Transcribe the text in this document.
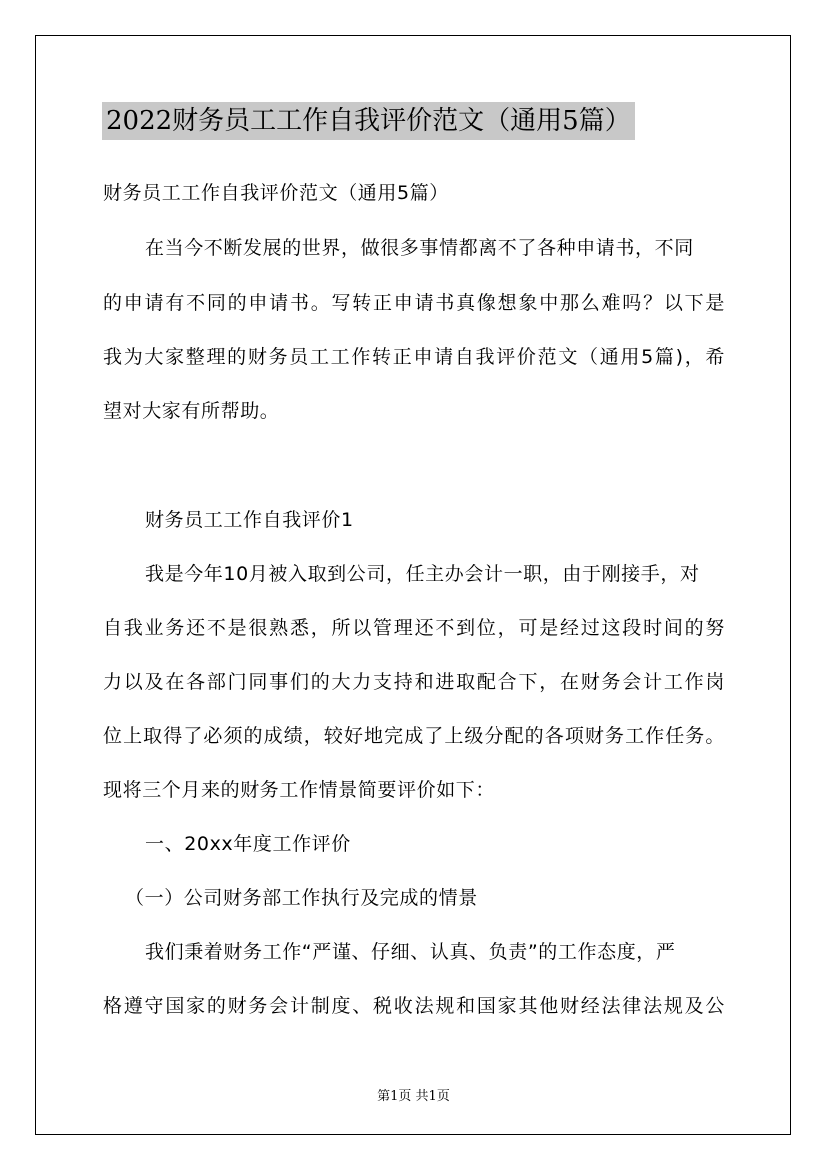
2022财务员工工作自我评价范文（通用5篇）
财务员工工作自我评价范文（通用5篇）
在当今不断发展的世界，做很多事情都离不了各种申请书，不同
的申请有不同的申请书。写转正申请书真像想象中那么难吗？以下是
我为大家整理的财务员工工作转正申请自我评价范文（通用5篇)，希
望对大家有所帮助。
财务员工工作自我评价1
我是今年10月被入取到公司，任主办会计一职，由于刚接手，对
自我业务还不是很熟悉，所以管理还不到位，可是经过这段时间的努
力以及在各部门同事们的大力支持和进取配合下，在财务会计工作岗
位上取得了必须的成绩，较好地完成了上级分配的各项财务工作任务。
现将三个月来的财务工作情景简要评价如下：
一、20xx年度工作评价
（一）公司财务部工作执行及完成的情景
我们秉着财务工作“严谨、仔细、认真、负责”的工作态度，严
格遵守国家的财务会计制度、税收法规和国家其他财经法律法规及公
第1页 共1页
